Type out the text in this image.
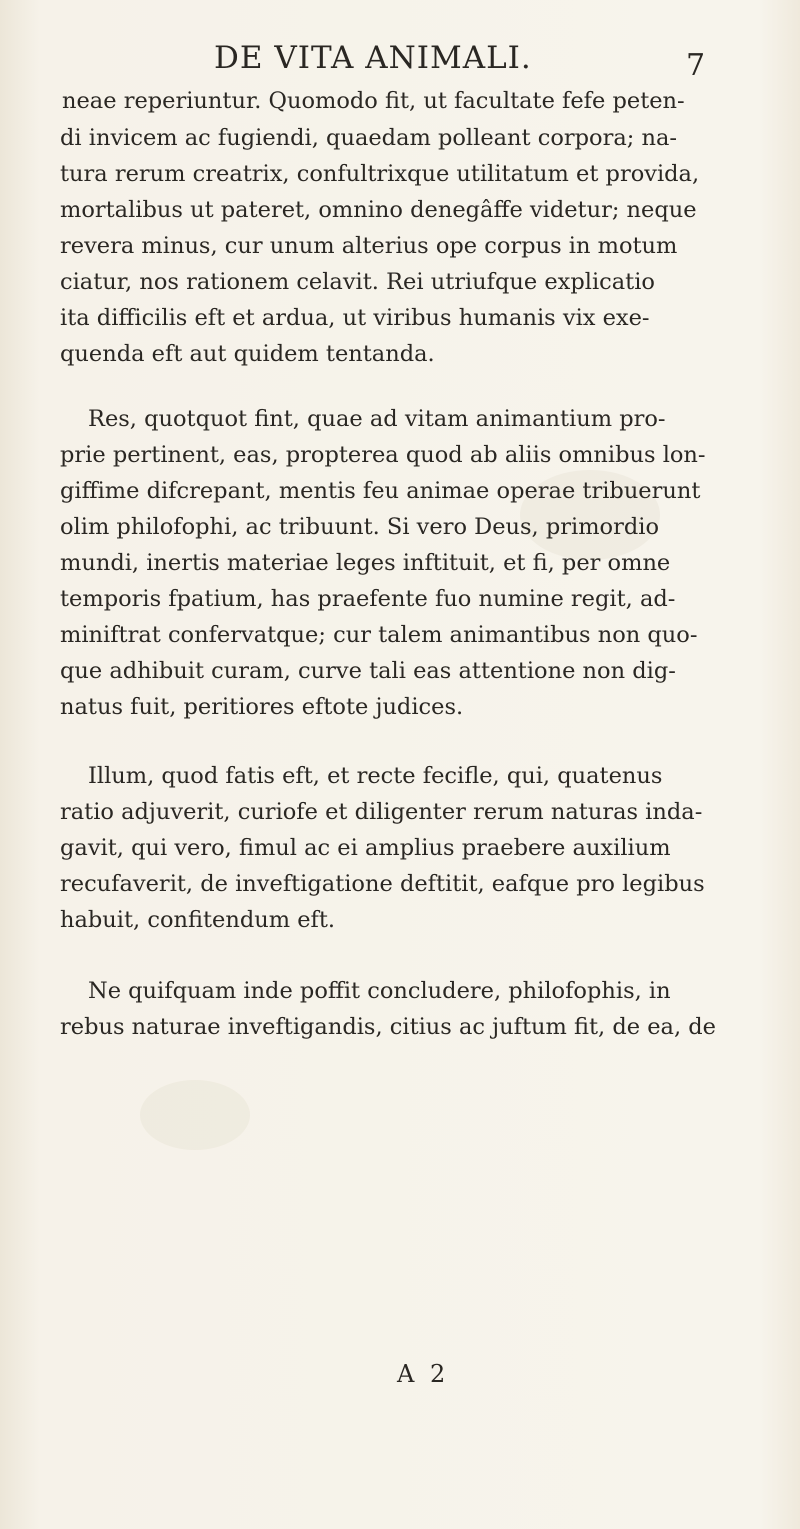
DE VITA ANIMALI.	7
neae reperiuntur. Quomodo fit, ut facultate fefe peten-
di invicem ac fugiendi, quaedam polleant corpora; na-
tura rerum creatrix, confultrixque utilitatum et provida,
mortalibus ut pateret, omnino denegâffe videtur; neque
revera minus, cur unum alterius ope corpus in motum
ciatur, nos rationem celavit. Rei utriufque explicatio
ita difficilis eft et ardua, ut viribus humanis vix exe-
quenda eft aut quidem tentanda.
Res, quotquot fint, quae ad vitam animantium pro-
prie pertinent, eas, propterea quod ab aliis omnibus lon-
giffime difcrepant, mentis feu animae operae tribuerunt
olim philofophi, ac tribuunt. Si vero Deus, primordio
mundi, inertis materiae leges inftituit, et fi, per omne
temporis fpatium, has praefente fuo numine regit, ad-
miniftrat confervatque; cur talem animantibus non quo-
que adhibuit curam, curve tali eas attentione non dig-
natus fuit, peritiores eftote judices.
Illum, quod fatis eft, et recte fecifle, qui, quatenus
ratio adjuverit, curiofe et diligenter rerum naturas inda-
gavit, qui vero, fimul ac ei amplius praebere auxilium
recufaverit, de inveftigatione deftitit, eafque pro legibus
habuit, confitendum eft.
Ne quifquam inde poffit concludere, philofophis, in
rebus naturae inveftigandis, citius ac juftum fit, de ea, de
A 2
